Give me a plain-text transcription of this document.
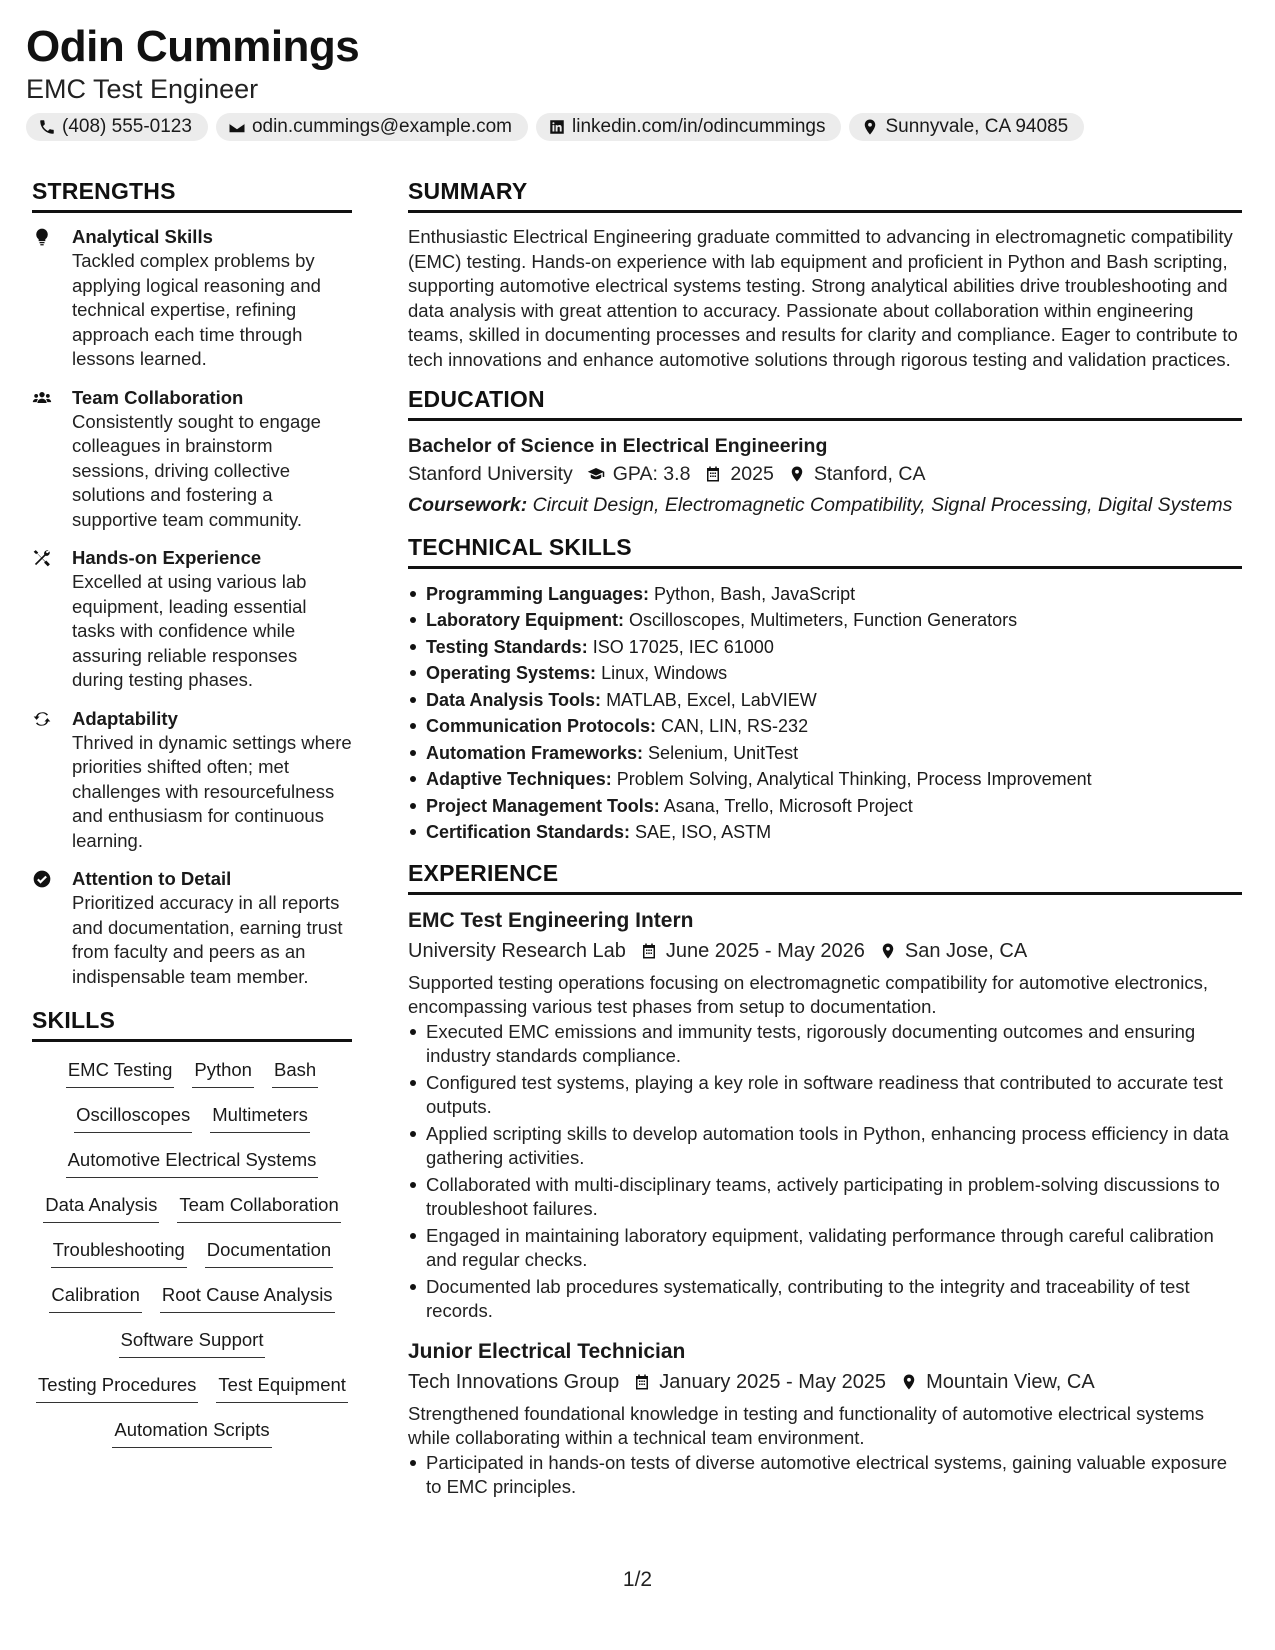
Odin Cummings
EMC Test Engineer
(408) 555-0123	odin.cummings@example.com	linkedin.com/in/odincummings	Sunnyvale, CA 94085
STRENGTHS
Analytical Skills
Tackled complex problems by applying logical reasoning and technical expertise, refining approach each time through lessons learned.
Team Collaboration
Consistently sought to engage colleagues in brainstorm sessions, driving collective solutions and fostering a supportive team community.
Hands-on Experience
Excelled at using various lab equipment, leading essential tasks with confidence while assuring reliable responses during testing phases.
Adaptability
Thrived in dynamic settings where priorities shifted often; met challenges with resourcefulness and enthusiasm for continuous learning.
Attention to Detail
Prioritized accuracy in all reports and documentation, earning trust from faculty and peers as an indispensable team member.
SKILLS
EMC Testing Python Bash
Oscilloscopes Multimeters
Automotive Electrical Systems
Data Analysis Team Collaboration
Troubleshooting Documentation
Calibration Root Cause Analysis
Software Support
Testing Procedures Test Equipment
Automation Scripts
SUMMARY

Enthusiastic Electrical Engineering graduate committed to advancing in electromagnetic compatibility (EMC) testing. Hands-on experience with lab equipment and proficient in Python and Bash scripting, supporting automotive electrical systems testing. Strong analytical abilities drive troubleshooting and data analysis with great attention to accuracy. Passionate about collaboration within engineering teams, skilled in documenting processes and results for clarity and compliance. Eager to contribute to tech innovations and enhance automotive solutions through rigorous testing and validation practices.

EDUCATION
Bachelor of Science in Electrical Engineering
Stanford University GPA: 3.8 2025 Stanford, CA
Coursework: Circuit Design, Electromagnetic Compatibility, Signal Processing, Digital Systems
TECHNICAL SKILLS
Programming Languages: Python, Bash, JavaScript
Laboratory Equipment: Oscilloscopes, Multimeters, Function Generators
Testing Standards: ISO 17025, IEC 61000
Operating Systems: Linux, Windows
Data Analysis Tools: MATLAB, Excel, LabVIEW
Communication Protocols: CAN, LIN, RS-232
Automation Frameworks: Selenium, UnitTest
Adaptive Techniques: Problem Solving, Analytical Thinking, Process Improvement
Project Management Tools: Asana, Trello, Microsoft Project
Certification Standards: SAE, ISO, ASTM
EXPERIENCE
EMC Test Engineering Intern
University Research Lab June 2025 - May 2026 San Jose, CA

Supported testing operations focusing on electromagnetic compatibility for automotive electronics, encompassing various test phases from setup to documentation.

Executed EMC emissions and immunity tests, rigorously documenting outcomes and ensuring industry standards compliance.
Configured test systems, playing a key role in software readiness that contributed to accurate test outputs.
Applied scripting skills to develop automation tools in Python, enhancing process efficiency in data gathering activities.
Collaborated with multi-disciplinary teams, actively participating in problem-solving discussions to troubleshoot failures.
Engaged in maintaining laboratory equipment, validating performance through careful calibration and regular checks.
Documented lab procedures systematically, contributing to the integrity and traceability of test records.
Junior Electrical Technician
Tech Innovations Group January 2025 - May 2025 Mountain View, CA

Strengthened foundational knowledge in testing and functionality of automotive electrical systems while collaborating within a technical team environment.

Participated in hands-on tests of diverse automotive electrical systems, gaining valuable exposure to EMC principles.
1/2
